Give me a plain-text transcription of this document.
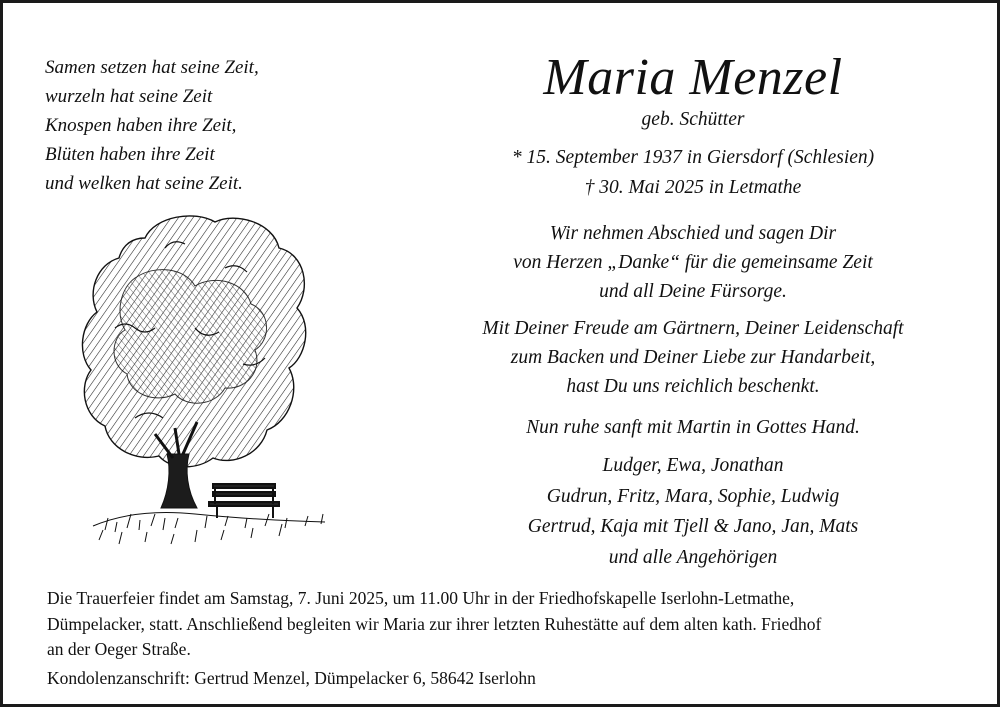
Samen setzen hat seine Zeit,
wurzeln hat seine Zeit
Knospen haben ihre Zeit,
Blüten haben ihre Zeit
und welken hat seine Zeit.
Maria Menzel
geb. Schütter
* 15. September 1937 in Giersdorf (Schlesien)
† 30. Mai 2025 in Letmathe
Wir nehmen Abschied und sagen Dir
von Herzen „Danke“ für die gemeinsame Zeit
und all Deine Fürsorge.
Mit Deiner Freude am Gärtnern, Deiner Leidenschaft
zum Backen und Deiner Liebe zur Handarbeit,
hast Du uns reichlich beschenkt.
Nun ruhe sanft mit Martin in Gottes Hand.
Ludger, Ewa, Jonathan
Gudrun, Fritz, Mara, Sophie, Ludwig
Gertrud, Kaja mit Tjell & Jano, Jan, Mats
und alle Angehörigen
Die Trauerfeier findet am Samstag, 7. Juni 2025, um 11.00 Uhr in der Friedhofskapelle Iserlohn-Letmathe,
Dümpelacker, statt. Anschließend begleiten wir Maria zur ihrer letzten Ruhestätte auf dem alten kath. Friedhof
an der Oeger Straße.
Kondolenzanschrift: Gertrud Menzel, Dümpelacker 6, 58642 Iserlohn
